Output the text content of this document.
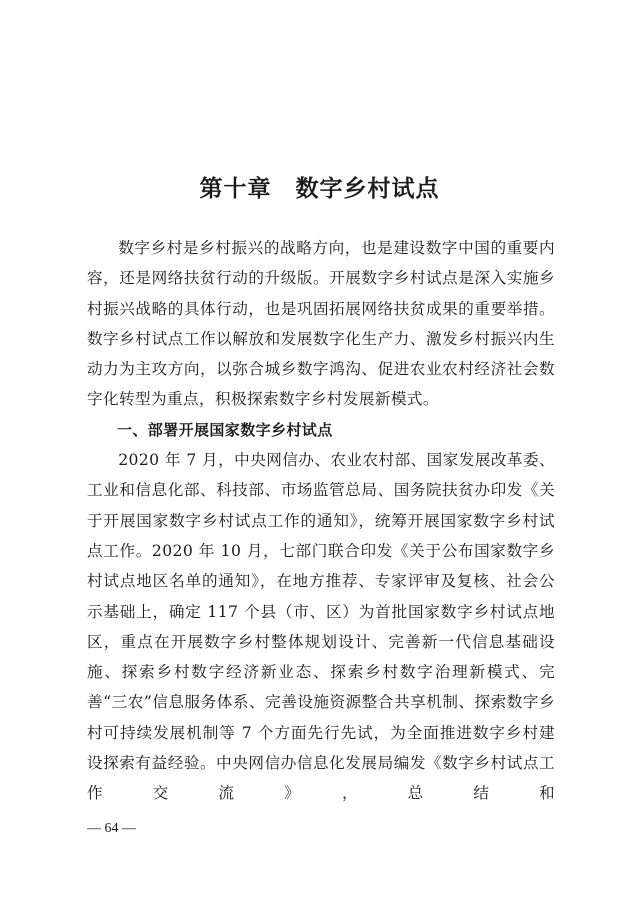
第十章　数字乡村试点

数字乡村是乡村振兴的战略方向，也是建设数字中国的重要内容，还是网络扶贫行动的升级版。开展数字乡村试点是深入实施乡村振兴战略的具体行动，也是巩固拓展网络扶贫成果的重要举措。数字乡村试点工作以解放和发展数字化生产力、激发乡村振兴内生动力为主攻方向，以弥合城乡数字鸿沟、促进农业农村经济社会数字化转型为重点，积极探索数字乡村发展新模式。

一、部署开展国家数字乡村试点

2020 年 7 月，中央网信办、农业农村部、国家发展改革委、工业和信息化部、科技部、市场监管总局、国务院扶贫办印发《关于开展国家数字乡村试点工作的通知》，统筹开展国家数字乡村试点工作。2020 年 10 月，七部门联合印发《关于公布国家数字乡村试点地区名单的通知》，在地方推荐、专家评审及复核、社会公示基础上，确定 117 个县（市、区）为首批国家数字乡村试点地区，重点在开展数字乡村整体规划设计、完善新一代信息基础设施、探索乡村数字经济新业态、探索乡村数字治理新模式、完善“三农”信息服务体系、完善设施资源整合共享机制、探索数字乡村可持续发展机制等 7 个方面先行先试，为全面推进数字乡村建设探索有益经验。中央网信办信息化发展局编发《数字乡村试点工作交流》，总结和

— 64 —
